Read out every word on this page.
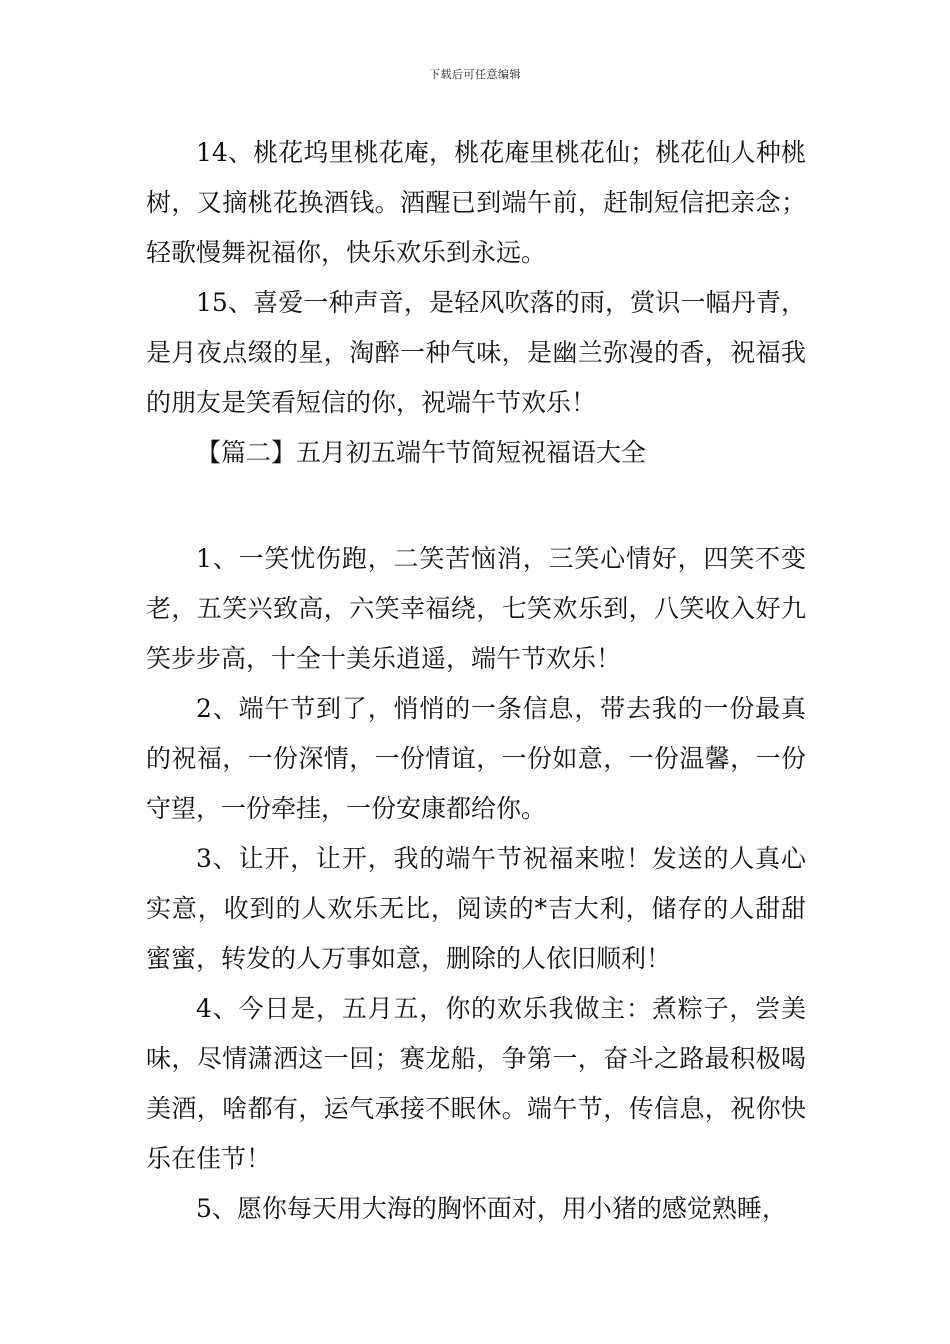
下载后可任意编辑

14、桃花坞里桃花庵，桃花庵里桃花仙；桃花仙人种桃树，又摘桃花换酒钱。酒醒已到端午前，赶制短信把亲念；轻歌慢舞祝福你，快乐欢乐到永远。

15、喜爱一种声音，是轻风吹落的雨，赏识一幅丹青，是月夜点缀的星，淘醉一种气味，是幽兰弥漫的香，祝福我的朋友是笑看短信的你，祝端午节欢乐！

【篇二】五月初五端午节简短祝福语大全

1、一笑忧伤跑，二笑苦恼消，三笑心情好，四笑不变老，五笑兴致高，六笑幸福绕，七笑欢乐到，八笑收入好九笑步步高，十全十美乐逍遥，端午节欢乐！

2、端午节到了，悄悄的一条信息，带去我的一份最真的祝福，一份深情，一份情谊，一份如意，一份温馨，一份守望，一份牵挂，一份安康都给你。

3、让开，让开，我的端午节祝福来啦！发送的人真心实意，收到的人欢乐无比，阅读的*吉大利，储存的人甜甜蜜蜜，转发的人万事如意，删除的人依旧顺利！

4、今日是，五月五，你的欢乐我做主：煮粽子，尝美味，尽情潇洒这一回；赛龙船，争第一，奋斗之路最积极喝美酒，啥都有，运气承接不眠休。端午节，传信息，祝你快乐在佳节！

5、愿你每天用大海的胸怀面对，用小猪的感觉熟睡，
